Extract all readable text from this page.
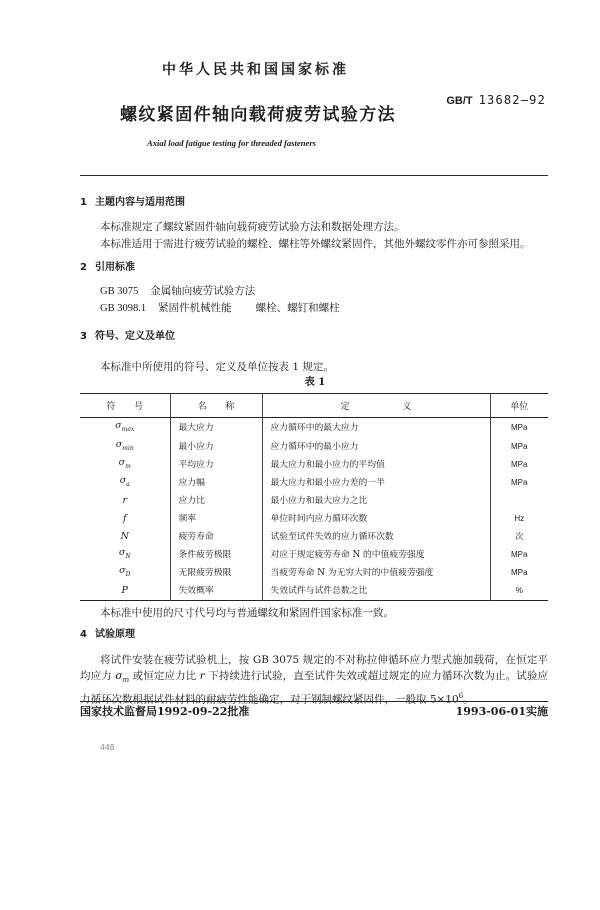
中华人民共和国国家标准
螺纹紧固件轴向载荷疲劳试验方法
GB/T 13682—92
Axial load fatigue testing for threaded fasteners
1 主题内容与适用范围
本标准规定了螺纹紧固件轴向载荷疲劳试验方法和数据处理方法。
本标准适用于需进行疲劳试验的螺栓、螺柱等外螺纹紧固件，其他外螺纹零件亦可参照采用。
2 引用标准
GB 3075 金属轴向疲劳试验方法
GB 3098.1 紧固件机械性能 螺栓、螺钉和螺柱
3 符号、定义及单位
本标准中所使用的符号、定义及单位按表 1 规定。
表 1
符 号	名 称	定 义	单位
$\sigma_{max}$	最大应力	应力循环中的最大应力	MPa
$\sigma_{min}$	最小应力	应力循环中的最小应力	MPa
$\sigma_m$	平均应力	最大应力和最小应力的平均值	MPa
$\sigma_a$	应力幅	最大应力和最小应力差的一半	MPa
r	应力比	最小应力和最大应力之比	
f	频率	单位时间内应力循环次数	Hz
N	疲劳寿命	试验至试件失效的应力循环次数	次
$\sigma_N$	条件疲劳极限	对应于规定疲劳寿命 N 的中值疲劳强度	MPa
$\sigma_D$	无限疲劳极限	当疲劳寿命 N 为无穷大时的中值疲劳强度	MPa
P	失效概率	失效试件与试件总数之比	%
本标准中使用的尺寸代号均与普通螺纹和紧固件国家标准一致。
4 试验原理
将试件安装在疲劳试验机上，按 GB 3075 规定的不对称拉伸循环应力型式施加载荷，在恒定平均应力 $\sigma_m$ 或恒定应力比 r 下持续进行试验，直至试件失效或超过规定的应力循环次数为止。试验应力循环次数根据试件材料的耐疲劳性能确定，对于钢制螺纹紧固件，一般取 $5\times 10^6$。
国家技术监督局1992-09-22批准	1993-06-01实施
448
